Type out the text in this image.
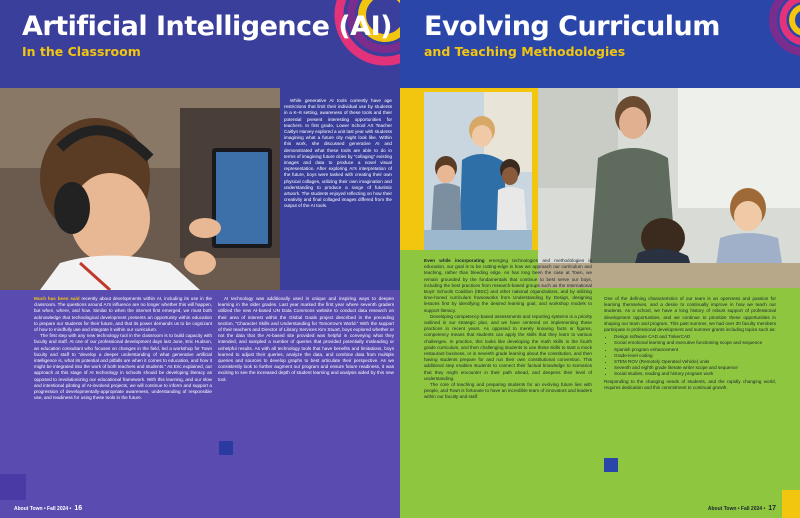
Artificial Intelligence (AI)
In the Classroom

While generative AI tools currently have age restrictions that limit their individual use by students in a K–8 setting, awareness of these tools and their potential present interesting opportunities for teachers. In first grade, Lower School Art Teacher Caitlyn Harvey explored a unit last year with students imagining what a future city might look like. Within this work, she discussed generative AI and demonstrated what these tools are able to do in terms of imagining future cities by “collaging” existing images and data to produce a novel visual representation. After exploring AI’s interpretation of the future, boys were tasked with creating their own physical collages, utilizing their own imagination and understanding to produce a range of futuristic artwork. The students enjoyed reflecting on how their creativity and final collaged images differed from the output of the AI tools.

Much has been said recently about developments within AI, including its use in the classroom. The questions around AI’s influence are no longer whether this will happen, but when, where, and how. Similar to when the internet first emerged, we must both acknowledge that technological development presents an opportunity within education to prepare our students for their future, and that its power demands us to be cognizant of how to mindfully use and integrate it within our curriculum.

The first step with any new technology tool in the classroom is to build capacity with faculty and staff. At one of our professional development days last June, Eric Hudson, an education consultant who focuses on changes in the field, led a workshop for Town faculty and staff to “develop a deeper understanding of what generative artificial intelligence is, what its potential and pitfalls are when it comes to education, and how it might be integrated into the work of both teachers and students.” As Eric explained, our approach at this stage of AI technology in schools should be developing literacy as opposed to revolutionizing our educational framework. With this learning, and our slow and intentional piloting of AI-involved projects, we will continue to inform and support a progression of developmentally-appropriate awareness, understanding of responsible use, and readiness for using these tools in the future.

AI technology was additionally used in unique and inspiring ways to deepen learning in the older grades. Last year marked the first year where seventh graders utilized the new AI-based UN Data Commons website to conduct data research on their area of interest within the Global Goals project described in the preceding section, “Character Skills and Understanding for Tomorrow’s World.” With the support of their teachers and Director of Library Services Kim Stuart, boys explored whether or not the data that the AI-based site provided was helpful in conveying what they intended, and sampled a number of queries that provided potentially misleading or unhelpful results. As with all technology tools that have benefits and limitations, boys learned to adjust their queries, analyze the data, and combine data from multiple queries and sources to develop graphs to best articulate their perspective. As we consistently look to further augment our program and ensure future readiness, it was exciting to see the increased depth of student learning and analysis aided by this new tool.

About Town • Fall 2024 • 16
Evolving Curriculum
and Teaching Methodologies

Even while incorporating emerging technologies and methodologies in education, our goal is to be cutting-edge in how we approach our curriculum and teaching, rather than bleeding edge. As has long been the case at Town, we remain grounded by the fundamentals that continue to best serve our boys, including the best practices from research-based groups such as the International Boys’ Schools Coalition (IBSC) and other national organizations, and by utilizing time-honed curriculum frameworks from Understanding by Design, designing lessons first by identifying the desired learning goal, and workshop models to support literacy.

Developing competency-based assessments and reporting systems is a priority outlined in our strategic plan, and we have centered on implementing these practices in recent years. As opposed to merely knowing facts or figures, competency means that students can apply the skills that they learn to various challenges. In practice, this looks like developing the math skills in the fourth grade curriculum, and then challenging students to use these skills to start a mock restaurant business, or in seventh grade learning about the constitution, and then having students prepare for and run their own constitutional convention. This additional step enables students to connect their factual knowledge to scenarios that they might encounter in their path ahead, and deepens their level of understanding.

The core of teaching and preparing students for an evolving future lies with people, and Town is fortunate to have an incredible team of innovators and leaders within our faculty and staff.

One of the defining characteristics of our team is an openness and passion for learning themselves, and a desire to continually improve in how we teach our students. As a school, we have a long history of robust support of professional development opportunities, and we continue to prioritize these opportunities in shaping our team and program. This past summer, we had over 30 faculty members participate in professional development and summer grants including topics such as:

• Design software CAD and TinkerCAD
• Social emotional learning and executive functioning scope and sequence
• Spanish program enhancement
• Grade-level coding
• STEM ROV (Remotely Operated Vehicle) units
• Seventh and eighth grade literate writer scope and sequence
• Social studies, reading and history program work

Responding to the changing needs of students, and the rapidly changing world, requires dedication and this commitment to continual growth.

About Town • Fall 2024 • 17
